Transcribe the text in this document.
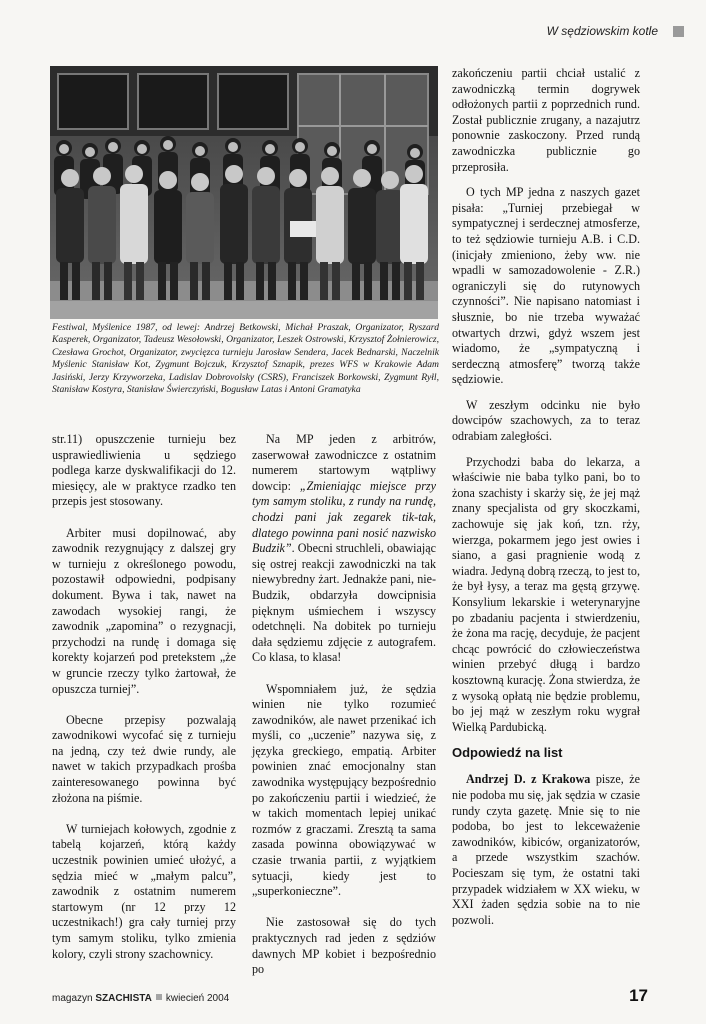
W sędziowskim kotle

Festiwal, Myślenice 1987, od lewej: Andrzej Betkowski, Michał Praszak, Organizator, Ryszard Kasperek, Organizator, Tadeusz Wesołowski, Organizator, Leszek Ostrowski, Krzysztof Żołnierowicz, Czesława Grochot, Organizator, zwycięzca turnieju Jarosław Sendera, Jacek Bednarski, Naczelnik Myślenic Stanisław Kot, Zygmunt Bojczuk, Krzysztof Sznapik, prezes WFS w Krakowie Adam Jasiński, Jerzy Krzyworzeka, Ladislav Dobrovolsky (CSRS), Franciszek Borkowski, Zygmunt Ryłl, Stanisław Kostyra, Stanisław Świerczyński, Bogusław Latas i Antoni Gramatyka

str.11) opuszczenie turnieju bez usprawiedliwienia u sędziego podlega karze dyskwalifikacji do 12. miesięcy, ale w praktyce rzadko ten przepis jest stosowany.

Arbiter musi dopilnować, aby zawodnik rezygnujący z dalszej gry w turnieju z określonego powodu, pozostawił odpowiedni, podpisany dokument. Bywa i tak, nawet na zawodach wysokiej rangi, że zawodnik „zapomina” o rezygnacji, przychodzi na rundę i domaga się korekty kojarzeń pod pretekstem „że w gruncie rzeczy tylko żartował, że opuszcza turniej”.

Obecne przepisy pozwalają zawodnikowi wycofać się z turnieju na jedną, czy też dwie rundy, ale nawet w takich przypadkach prośba zainteresowanego powinna być złożona na piśmie.

W turniejach kołowych, zgodnie z tabelą kojarzeń, którą każdy uczestnik powinien umieć ułożyć, a sędzia mieć w „małym palcu”, zawodnik z ostatnim numerem startowym (nr 12 przy 12 uczestnikach!) gra cały turniej przy tym samym stoliku, tylko zmienia kolory, czyli strony szachownicy.

Na MP jeden z arbitrów, zaserwował zawodniczce z ostatnim numerem startowym wątpliwy dowcip: „Zmieniając miejsce przy tym samym stoliku, z rundy na rundę, chodzi pani jak zegarek tik-tak, dlatego powinna pani nosić nazwisko Budzik”. Obecni struchleli, obawiając się ostrej reakcji zawodniczki na tak niewybredny żart. Jednakże pani, nie-Budzik, obdarzyła dowcipnisia pięknym uśmiechem i wszyscy odetchnęli. Na dobitek po turnieju dała sędziemu zdjęcie z autografem. Co klasa, to klasa!

Wspomniałem już, że sędzia winien nie tylko rozumieć zawodników, ale nawet przenikać ich myśli, co „uczenie” nazywa się, z języka greckiego, empatią. Arbiter powinien znać emocjonalny stan zawodnika występujący bezpośrednio po zakończeniu partii i wiedzieć, że w takich momentach lepiej unikać rozmów z graczami. Zresztą ta sama zasada powinna obowiązywać w czasie trwania partii, z wyjątkiem sytuacji, kiedy jest to „superkonieczne”.

Nie zastosował się do tych praktycznych rad jeden z sędziów dawnych MP kobiet i bezpośrednio po

zakończeniu partii chciał ustalić z zawodniczką termin dogrywek odłożonych partii z poprzednich rund. Został publicznie zrugany, a nazajutrz ponownie zaskoczony. Przed rundą zawodniczka publicznie go przeprosiła.

O tych MP jedna z naszych gazet pisała: „Turniej przebiegał w sympatycznej i serdecznej atmosferze, to też sędziowie turnieju A.B. i C.D. (inicjały zmieniono, żeby ww. nie wpadli w samozadowolenie - Z.R.) ograniczyli się do rutynowych czynności”. Nie napisano natomiast i słusznie, bo nie trzeba wyważać otwartych drzwi, gdyż wszem jest wiadomo, że „sympatyczną i serdeczną atmosferę” tworzą także sędziowie.

W zeszłym odcinku nie było dowcipów szachowych, za to teraz odrabiam zaległości.

Przychodzi baba do lekarza, a właściwie nie baba tylko pani, bo to żona szachisty i skarży się, że jej mąż znany specjalista od gry skoczkami, zachowuje się jak koń, tzn. rży, wierzga, pokarmem jego jest owies i siano, a gasi pragnienie wodą z wiadra. Jedyną dobrą rzeczą, to jest to, że był łysy, a teraz ma gęstą grzywę. Konsylium lekarskie i weterynaryjne po zbadaniu pacjenta i stwierdzeniu, że żona ma rację, decyduje, że pacjent chcąc powrócić do człowieczeństwa winien przebyć długą i bardzo kosztowną kurację. Żona stwierdza, że z wysoką opłatą nie będzie problemu, bo jej mąż w zeszłym roku wygrał Wielką Pardubicką.

Odpowiedź na list

Andrzej D. z Krakowa pisze, że nie podoba mu się, jak sędzia w czasie rundy czyta gazetę. Mnie się to nie podoba, bo jest to lekceważenie zawodników, kibiców, organizatorów, a przede wszystkim szachów. Pocieszam się tym, że ostatni taki przypadek widziałem w XX wieku, w XXI żaden sędzia sobie na to nie pozwoli.

magazyn SZACHISTA kwiecień 2004	17
